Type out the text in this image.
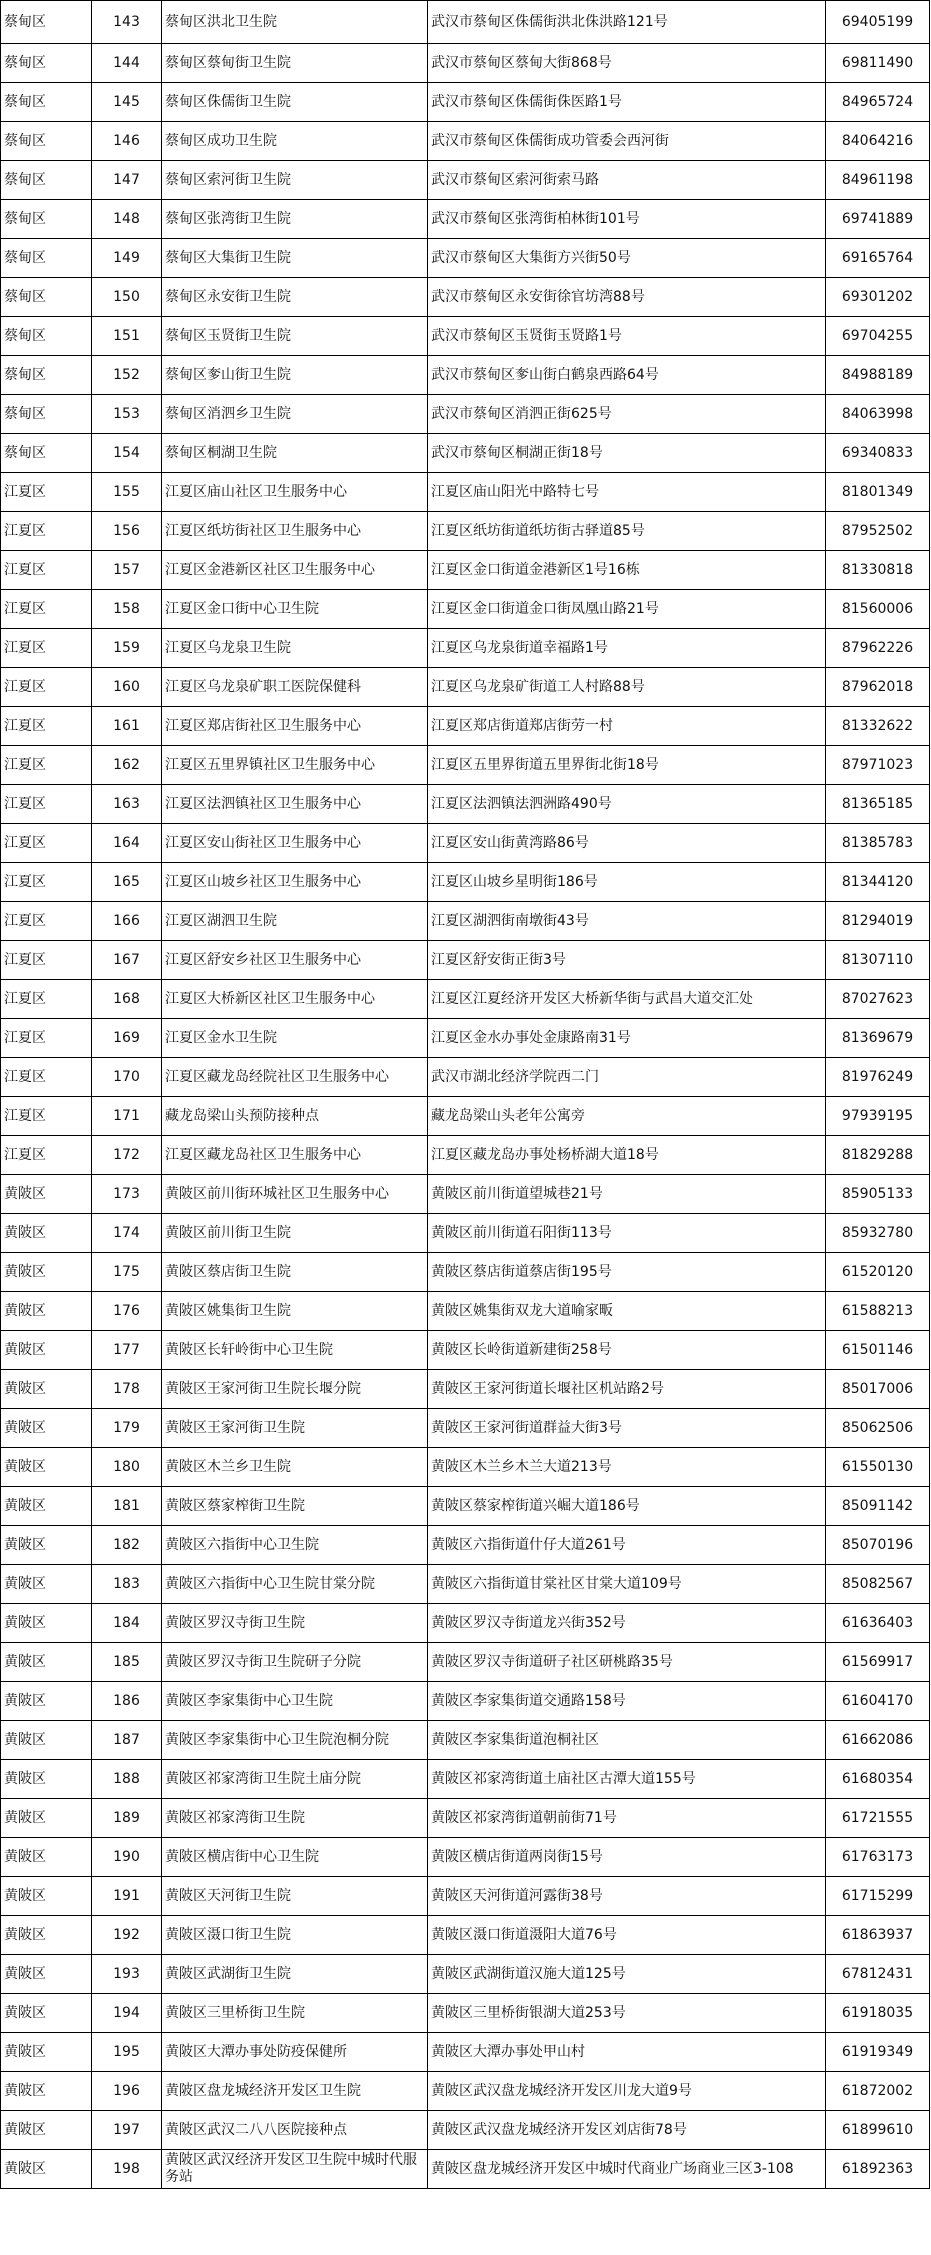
蔡甸区	143	蔡甸区洪北卫生院	武汉市蔡甸区侏儒街洪北侏洪路121号	69405199
蔡甸区	144	蔡甸区蔡甸街卫生院	武汉市蔡甸区蔡甸大街868号	69811490
蔡甸区	145	蔡甸区侏儒街卫生院	武汉市蔡甸区侏儒街侏医路1号	84965724
蔡甸区	146	蔡甸区成功卫生院	武汉市蔡甸区侏儒街成功管委会西河街	84064216
蔡甸区	147	蔡甸区索河街卫生院	武汉市蔡甸区索河街索马路	84961198
蔡甸区	148	蔡甸区张湾街卫生院	武汉市蔡甸区张湾街柏林街101号	69741889
蔡甸区	149	蔡甸区大集街卫生院	武汉市蔡甸区大集街方兴街50号	69165764
蔡甸区	150	蔡甸区永安街卫生院	武汉市蔡甸区永安街徐官坊湾88号	69301202
蔡甸区	151	蔡甸区玉贤街卫生院	武汉市蔡甸区玉贤街玉贤路1号	69704255
蔡甸区	152	蔡甸区奓山街卫生院	武汉市蔡甸区奓山街白鹤泉西路64号	84988189
蔡甸区	153	蔡甸区消泗乡卫生院	武汉市蔡甸区消泗正街625号	84063998
蔡甸区	154	蔡甸区桐湖卫生院	武汉市蔡甸区桐湖正街18号	69340833
江夏区	155	江夏区庙山社区卫生服务中心	江夏区庙山阳光中路特七号	81801349
江夏区	156	江夏区纸坊街社区卫生服务中心	江夏区纸坊街道纸坊街古驿道85号	87952502
江夏区	157	江夏区金港新区社区卫生服务中心	江夏区金口街道金港新区1号16栋	81330818
江夏区	158	江夏区金口街中心卫生院	江夏区金口街道金口街凤凰山路21号	81560006
江夏区	159	江夏区乌龙泉卫生院	江夏区乌龙泉街道幸福路1号	87962226
江夏区	160	江夏区乌龙泉矿职工医院保健科	江夏区乌龙泉矿街道工人村路88号	87962018
江夏区	161	江夏区郑店街社区卫生服务中心	江夏区郑店街道郑店街劳一村	81332622
江夏区	162	江夏区五里界镇社区卫生服务中心	江夏区五里界街道五里界街北街18号	87971023
江夏区	163	江夏区法泗镇社区卫生服务中心	江夏区法泗镇法泗洲路490号	81365185
江夏区	164	江夏区安山街社区卫生服务中心	江夏区安山街黄湾路86号	81385783
江夏区	165	江夏区山坡乡社区卫生服务中心	江夏区山坡乡星明街186号	81344120
江夏区	166	江夏区湖泗卫生院	江夏区湖泗街南墩街43号	81294019
江夏区	167	江夏区舒安乡社区卫生服务中心	江夏区舒安街正街3号	81307110
江夏区	168	江夏区大桥新区社区卫生服务中心	江夏区江夏经济开发区大桥新华街与武昌大道交汇处	87027623
江夏区	169	江夏区金水卫生院	江夏区金水办事处金康路南31号	81369679
江夏区	170	江夏区藏龙岛经院社区卫生服务中心	武汉市湖北经济学院西二门	81976249
江夏区	171	藏龙岛梁山头预防接种点	藏龙岛梁山头老年公寓旁	97939195
江夏区	172	江夏区藏龙岛社区卫生服务中心	江夏区藏龙岛办事处杨桥湖大道18号	81829288
黄陂区	173	黄陂区前川街环城社区卫生服务中心	黄陂区前川街道望城巷21号	85905133
黄陂区	174	黄陂区前川街卫生院	黄陂区前川街道石阳街113号	85932780
黄陂区	175	黄陂区蔡店街卫生院	黄陂区蔡店街道蔡店街195号	61520120
黄陂区	176	黄陂区姚集街卫生院	黄陂区姚集街双龙大道喻家畈	61588213
黄陂区	177	黄陂区长轩岭街中心卫生院	黄陂区长岭街道新建街258号	61501146
黄陂区	178	黄陂区王家河街卫生院长堰分院	黄陂区王家河街道长堰社区机站路2号	85017006
黄陂区	179	黄陂区王家河街卫生院	黄陂区王家河街道群益大街3号	85062506
黄陂区	180	黄陂区木兰乡卫生院	黄陂区木兰乡木兰大道213号	61550130
黄陂区	181	黄陂区蔡家榨街卫生院	黄陂区蔡家榨街道兴崛大道186号	85091142
黄陂区	182	黄陂区六指街中心卫生院	黄陂区六指街道什仔大道261号	85070196
黄陂区	183	黄陂区六指街中心卫生院甘棠分院	黄陂区六指街道甘棠社区甘棠大道109号	85082567
黄陂区	184	黄陂区罗汉寺街卫生院	黄陂区罗汉寺街道龙兴街352号	61636403
黄陂区	185	黄陂区罗汉寺街卫生院研子分院	黄陂区罗汉寺街道研子社区研桃路35号	61569917
黄陂区	186	黄陂区李家集街中心卫生院	黄陂区李家集街道交通路158号	61604170
黄陂区	187	黄陂区李家集街中心卫生院泡桐分院	黄陂区李家集街道泡桐社区	61662086
黄陂区	188	黄陂区祁家湾街卫生院土庙分院	黄陂区祁家湾街道土庙社区古潭大道155号	61680354
黄陂区	189	黄陂区祁家湾街卫生院	黄陂区祁家湾街道朝前街71号	61721555
黄陂区	190	黄陂区横店街中心卫生院	黄陂区横店街道两岗街15号	61763173
黄陂区	191	黄陂区天河街卫生院	黄陂区天河街道河露街38号	61715299
黄陂区	192	黄陂区滠口街卫生院	黄陂区滠口街道滠阳大道76号	61863937
黄陂区	193	黄陂区武湖街卫生院	黄陂区武湖街道汉施大道125号	67812431
黄陂区	194	黄陂区三里桥街卫生院	黄陂区三里桥街银湖大道253号	61918035
黄陂区	195	黄陂区大潭办事处防疫保健所	黄陂区大潭办事处甲山村	61919349
黄陂区	196	黄陂区盘龙城经济开发区卫生院	黄陂区武汉盘龙城经济开发区川龙大道9号	61872002
黄陂区	197	黄陂区武汉二八八医院接种点	黄陂区武汉盘龙城经济开发区刘店街78号	61899610
黄陂区	198	黄陂区武汉经济开发区卫生院中城时代服务站	黄陂区盘龙城经济开发区中城时代商业广场商业三区3-108	61892363
